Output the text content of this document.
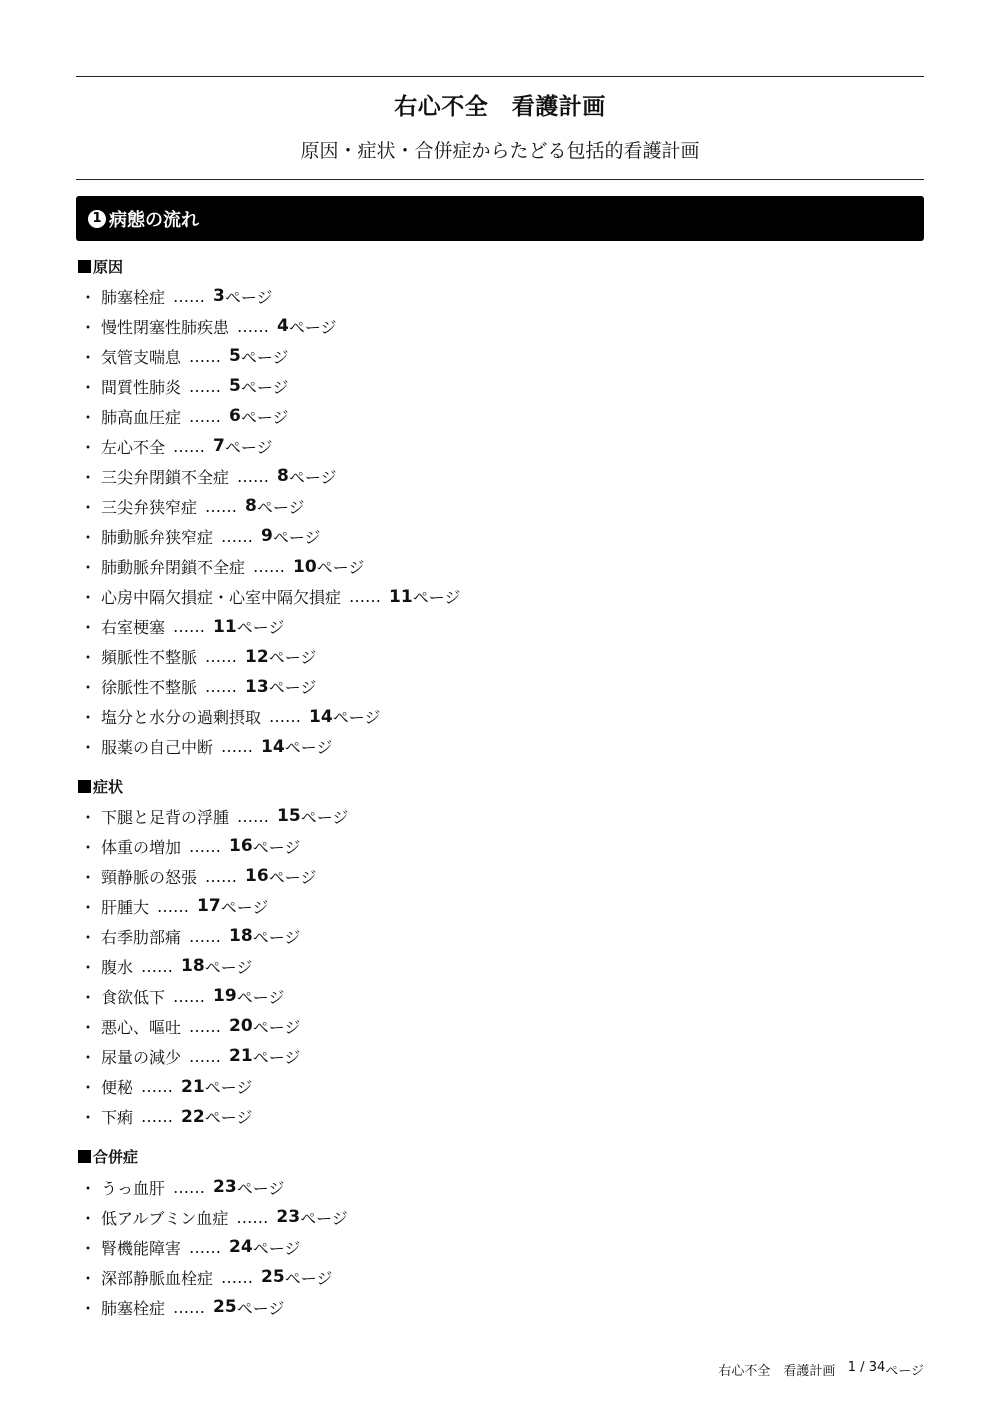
右心不全　看護計画
原因・症状・合併症からたどる包括的看護計画
1 病態の流れ
原因
・ 肺塞栓症 …… 3 ページ
・ 慢性閉塞性肺疾患 …… 4 ページ
・ 気管支喘息 …… 5 ページ
・ 間質性肺炎 …… 5 ページ
・ 肺高血圧症 …… 6 ページ
・ 左心不全 …… 7 ページ
・ 三尖弁閉鎖不全症 …… 8 ページ
・ 三尖弁狭窄症 …… 8 ページ
・ 肺動脈弁狭窄症 …… 9 ページ
・ 肺動脈弁閉鎖不全症 …… 10 ページ
・ 心房中隔欠損症・心室中隔欠損症 …… 11 ページ
・ 右室梗塞 …… 11 ページ
・ 頻脈性不整脈 …… 12 ページ
・ 徐脈性不整脈 …… 13 ページ
・ 塩分と水分の過剰摂取 …… 14 ページ
・ 服薬の自己中断 …… 14 ページ
症状
・ 下腿と足背の浮腫 …… 15 ページ
・ 体重の増加 …… 16 ページ
・ 頸静脈の怒張 …… 16 ページ
・ 肝腫大 …… 17 ページ
・ 右季肋部痛 …… 18 ページ
・ 腹水 …… 18 ページ
・ 食欲低下 …… 19 ページ
・ 悪心、嘔吐 …… 20 ページ
・ 尿量の減少 …… 21 ページ
・ 便秘 …… 21 ページ
・ 下痢 …… 22 ページ
合併症
・ うっ血肝 …… 23 ページ
・ 低アルブミン血症 …… 23 ページ
・ 腎機能障害 …… 24 ページ
・ 深部静脈血栓症 …… 25 ページ
・ 肺塞栓症 …… 25 ページ
右心不全　看護計画
1 / 34 ページ
